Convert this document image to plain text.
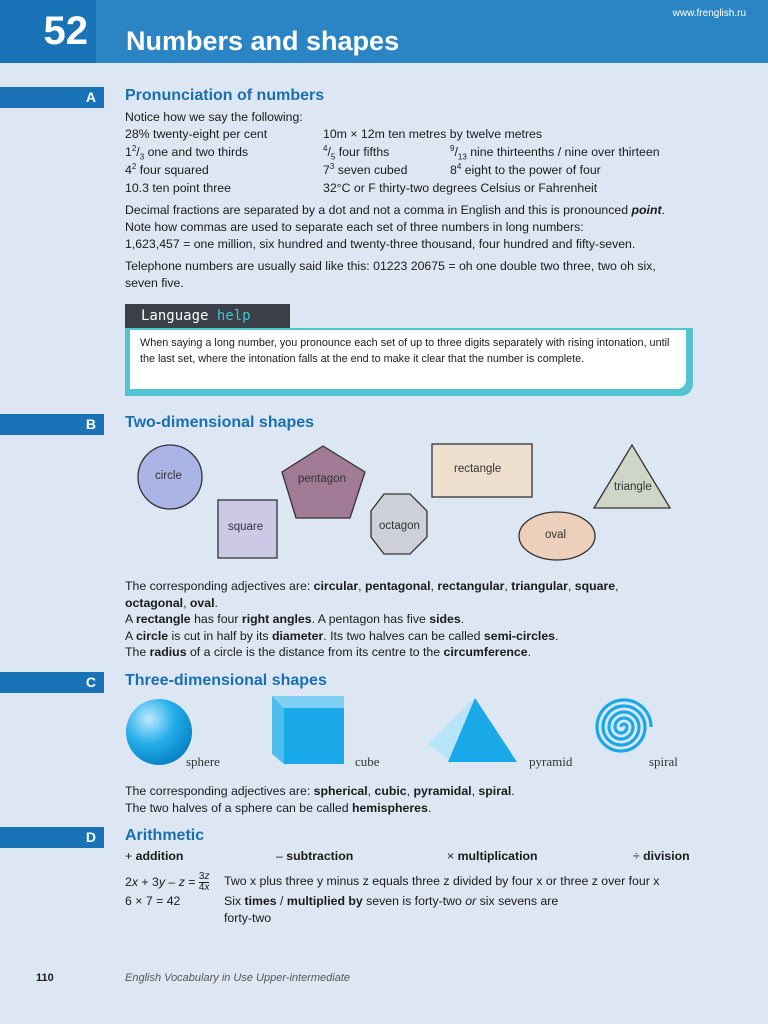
52 Numbers and shapes
www.frenglish.ru
A	Pronunciation of numbers
Notice how we say the following:
28% twenty-eight per cent	10m × 12m ten metres by twelve metres
$1^2/_3$ one and two thirds	$^4/_5$ four fifths	$^9/_{13}$ nine thirteenths / nine over thirteen
$4^2$ four squared	$7^3$ seven cubed	$8^4$ eight to the power of four
10.3 ten point three	32°C or F thirty-two degrees Celsius or Fahrenheit
Decimal fractions are separated by a dot and not a comma in English and this is pronounced point.
Note how commas are used to separate each set of three numbers in long numbers:
1,623,457 = one million, six hundred and twenty-three thousand, four hundred and fifty-seven.
Telephone numbers are usually said like this: 01223 20675 = oh one double two three, two oh six,
seven five.
Language help
When saying a long number, you pronounce each set of up to three digits separately with rising intonation, until the last set, where the intonation falls at the end to make it clear that the number is complete.
B	Two-dimensional shapes
circle	pentagon
rectangle
triangle
square	octagon
oval
The corresponding adjectives are: circular, pentagonal, rectangular, triangular, square,
octagonal, oval.
A rectangle has four right angles. A pentagon has five sides.
A circle is cut in half by its diameter. Its two halves can be called semi-circles.
The radius of a circle is the distance from its centre to the circumference.
C	Three-dimensional shapes
sphere	cube	pyramid	spiral
The corresponding adjectives are: spherical, cubic, pyramidal, spiral.
The two halves of a sphere can be called hemispheres.
D	Arithmetic
+ addition	– subtraction	× multiplication	÷ division
$2x + 3y - z = \frac{3z}{4x}$ Two x plus three y minus z equals three z divided by four x or three z over four x
6 × 7 = 42	Six times / multiplied by seven is forty-two or six sevens are
forty-two
110	English Vocabulary in Use Upper-intermediate
